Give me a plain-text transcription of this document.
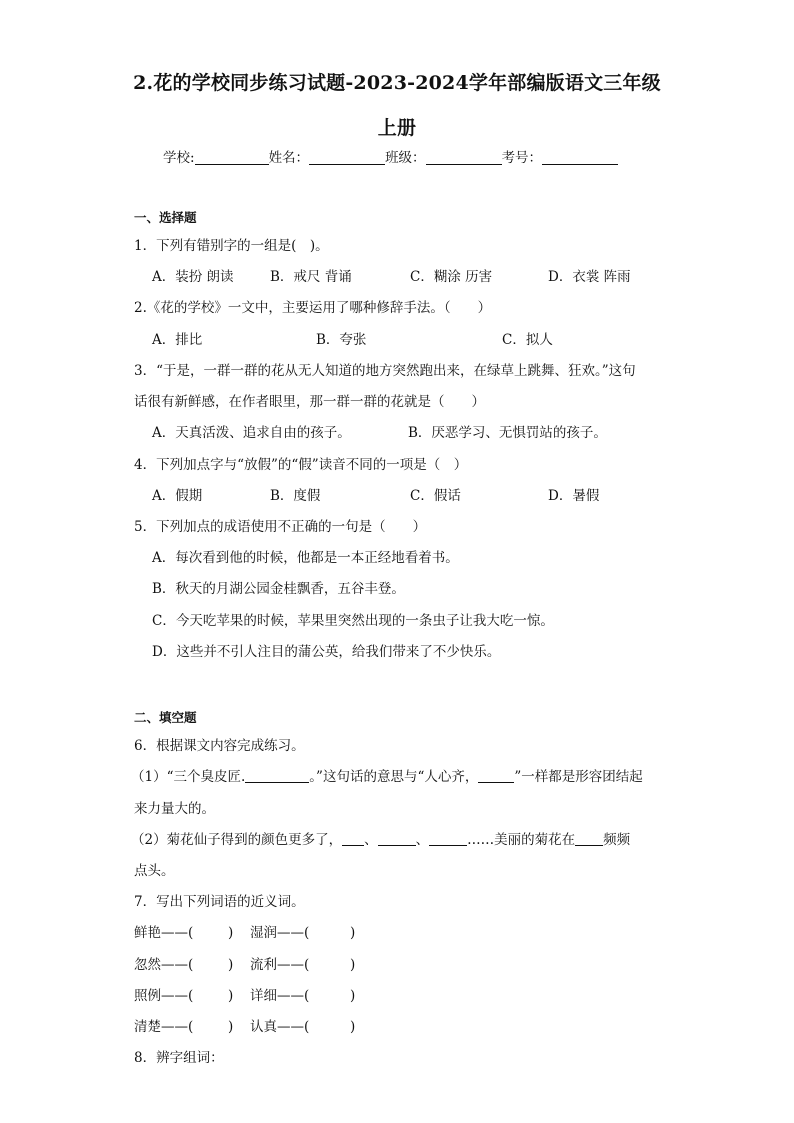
2.花的学校同步练习试题-2023-2024学年部编版语文三年级
上册
学校:	姓名：	班级：	考号：
一、选择题
1．下列有错别字的一组是(　)。
A．装扮 朗读	B．戒尺 背诵	C．糊涂 历害	D．衣裳 阵雨
2.《花的学校》一文中，主要运用了哪种修辞手法。（　　）
A．排比	B．夸张	C．拟人
3．“于是，一群一群的花从无人知道的地方突然跑出来，在绿草上跳舞、狂欢。”这句
话很有新鲜感，在作者眼里，那一群一群的花就是（　　）
A．天真活泼、追求自由的孩子。	B．厌恶学习、无惧罚站的孩子。
4．下列加点字与“放假”的“假”读音不同的一项是（　）
A．假期	B．度假	C．假话	D．暑假
5．下列加点的成语使用不正确的一句是（　　）
A．每次看到他的时候，他都是一本正经地看着书。
B．秋天的月湖公园金桂飘香，五谷丰登。
C．今天吃苹果的时候，苹果里突然出现的一条虫子让我大吃一惊。
D．这些并不引人注目的蒲公英，给我们带来了不少快乐。
二、填空题
6．根据课文内容完成练习。
（1）“三个臭皮匠.	。”这句话的意思与“人心齐，	”一样都是形容团结起
来力量大的。
（2）菊花仙子得到的颜色更多了， 、	、	……美丽的菊花在 频频
点头。
7．写出下列词语的近义词。
鲜艳——(	) 湿润——(	)
忽然——(	) 流利——(	)
照例——(	) 详细——(	)
清楚——(	) 认真——(	)
8．辨字组词：
